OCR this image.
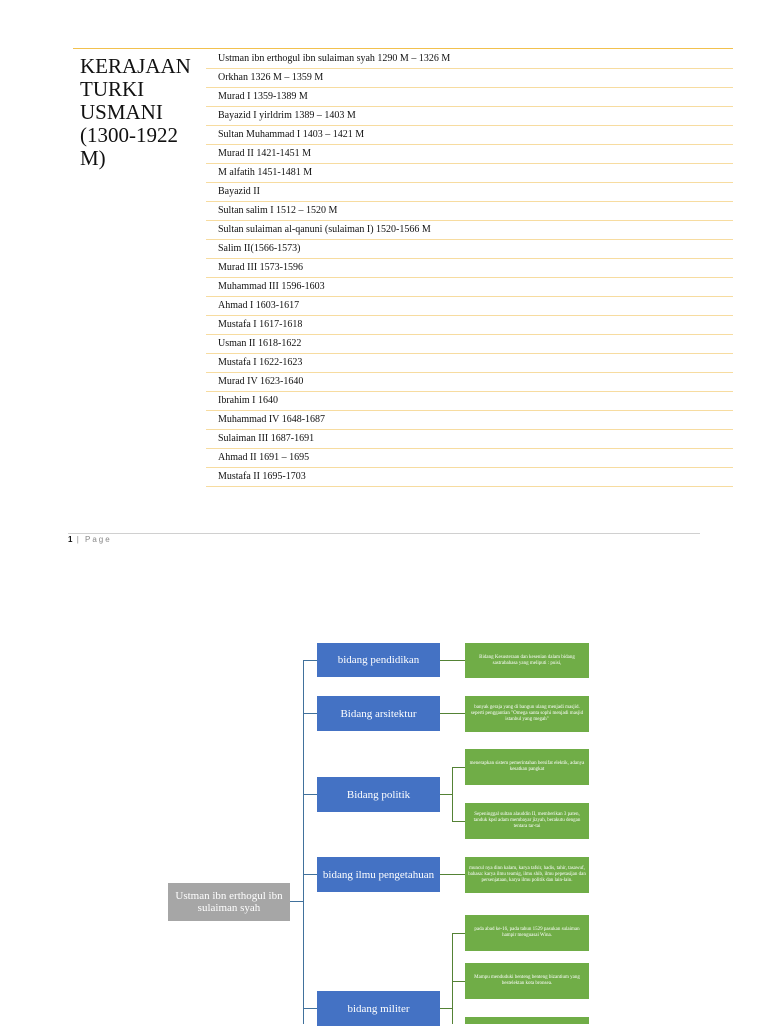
KERAJAAN TURKI USMANI (1300-1922 M)
Ustman ibn erthogul ibn sulaiman syah 1290 M – 1326 M
Orkhan 1326 M – 1359 M
Murad I 1359-1389 M
Bayazid I yirldrim 1389 – 1403 M
Sultan Muhammad I 1403 – 1421 M
Murad II 1421-1451 M
M alfatih 1451-1481 M
Bayazid II
Sultan salim I 1512 – 1520 M
Sultan sulaiman al-qanuni (sulaiman I) 1520-1566 M
Salim II(1566-1573)
Murad III 1573-1596
Muhammad III 1596-1603
Ahmad I 1603-1617
Mustafa I 1617-1618
Usman II 1618-1622
Mustafa I 1622-1623
Murad IV 1623-1640
Ibrahim I 1640
Muhammad IV 1648-1687
Sulaiman III 1687-1691
Ahmad II 1691 – 1695
Mustafa II 1695-1703
1 | Page
Ustman ibn erthogul ibn sulaiman syah
bidang pendidikan
Bidang arsitektur
Bidang politik
bidang ilmu pengetahuan
bidang militer
Bidang Kesusteraan dan kesenian dalam bidang sastrabahasa yang meliputi : puisi,
banyak geraja yang di bangun ulang menjadi masjid. seperti penggantian "Omega santa sophi menjadi masjid istanbul yang megah"
menerapkan sistem pemerintahan bersifat elektik, adanya kesatkan pangkat
Sepeninggal sultan alauddin II, memberikan 3 paten, tanduk kpsl adam membayar jizyah, berakutu dengan tentara tar-tai
muncul nya dinn kalam, karya tafsir, hadis, tahir, tasawuf, bahasa: karya ilmu teamig, ilmu shib, ilmu pepetasijan dan persenjataan, karya ilmu politik dan lain-lain.
pada abad ke-16, pada tahun 1529 pasukan sulaiman hampir menguasai Wina.
Mampu menduduki benteng benteng bizantium yang bestelektan kota bronsea.
